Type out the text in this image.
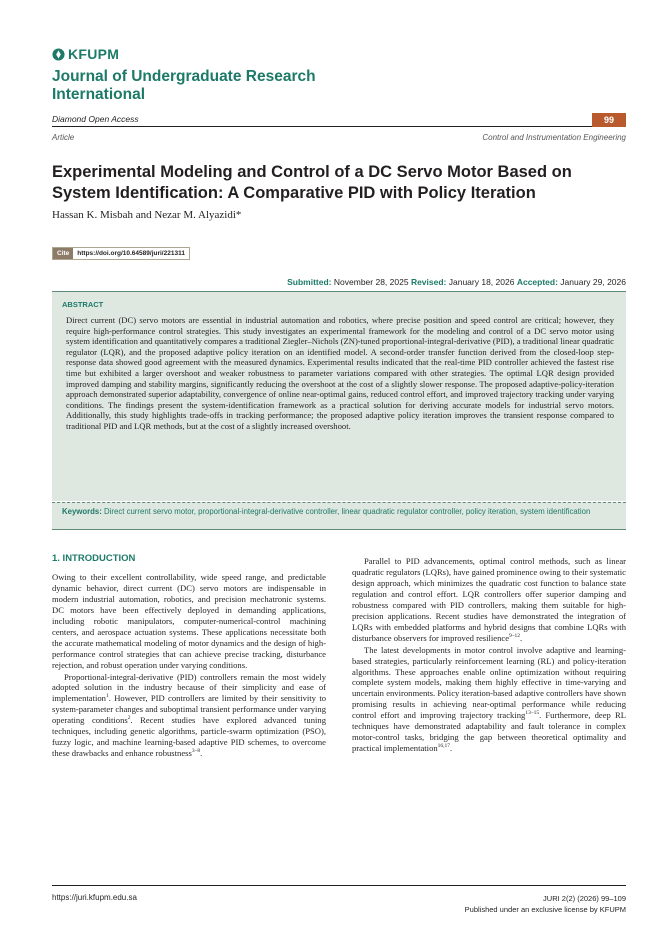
KFUPM
Journal of Undergraduate Research International
Diamond Open Access	99
Article	Control and Instrumentation Engineering
Experimental Modeling and Control of a DC Servo Motor Based on System Identification: A Comparative PID with Policy Iteration
Hassan K. Misbah and Nezar M. Alyazidi*
Cite	https://doi.org/10.64589/juri/221311
Submitted: November 28, 2025 Revised: January 18, 2026 Accepted: January 29, 2026
ABSTRACT

Direct current (DC) servo motors are essential in industrial automation and robotics, where precise position and speed control are critical; however, they require high-performance control strategies. This study investigates an experimental framework for the modeling and control of a DC servo motor using system identification and quantitatively compares a traditional Ziegler–Nichols (ZN)-tuned proportional-integral-derivative (PID), a traditional linear quadratic regulator (LQR), and the proposed adaptive policy iteration on an identified model. A second-order transfer function derived from the closed-loop step-response data showed good agreement with the measured dynamics. Experimental results indicated that the real-time PID controller achieved the fastest rise time but exhibited a larger overshoot and weaker robustness to parameter variations compared with other strategies. The optimal LQR design provided improved damping and stability margins, significantly reducing the overshoot at the cost of a slightly slower response. The proposed adaptive-policy-iteration approach demonstrated superior adaptability, convergence of online near-optimal gains, reduced control effort, and improved trajectory tracking under varying conditions. The findings present the system-identification framework as a practical solution for deriving accurate models for industrial servo motors. Additionally, this study highlights trade-offs in tracking performance; the proposed adaptive policy iteration improves the transient response compared to traditional PID and LQR methods, but at the cost of a slightly increased overshoot.

Keywords: Direct current servo motor, proportional-integral-derivative controller, linear quadratic regulator controller, policy iteration, system identification
1. INTRODUCTION

Owing to their excellent controllability, wide speed range, and predictable dynamic behavior, direct current (DC) servo motors are indispensable in modern industrial automation, robotics, and precision mechatronic systems. DC motors have been effectively deployed in demanding applications, including robotic manipulators, computer-numerical-control machining centers, and aerospace actuation systems. These applications necessitate both the accurate mathematical modeling of motor dynamics and the design of high-performance control strategies that can achieve precise tracking, disturbance rejection, and robust operation under varying conditions.

Proportional-integral-derivative (PID) controllers remain the most widely adopted solution in the industry because of their simplicity and ease of implementation$^1$. However, PID controllers are limited by their sensitivity to system-parameter changes and suboptimal transient performance under varying operating conditions$^2$. Recent studies have explored advanced tuning techniques, including genetic algorithms, particle-swarm optimization (PSO), fuzzy logic, and machine learning-based adaptive PID schemes, to overcome these drawbacks and enhance robustness$^{3-8}$.

Parallel to PID advancements, optimal control methods, such as linear quadratic regulators (LQRs), have gained prominence owing to their systematic design approach, which minimizes the quadratic cost function to balance state regulation and control effort. LQR controllers offer superior damping and robustness compared with PID controllers, making them suitable for high-precision applications. Recent studies have demonstrated the integration of LQRs with embedded platforms and hybrid designs that combine LQRs with disturbance observers for improved resilience$^{9-12}$.

The latest developments in motor control involve adaptive and learning-based strategies, particularly reinforcement learning (RL) and policy-iteration algorithms. These approaches enable online optimization without requiring complete system models, making them highly effective in time-varying and uncertain environments. Policy iteration-based adaptive controllers have shown promising results in achieving near-optimal performance while reducing control effort and improving trajectory tracking$^{13-15}$. Furthermore, deep RL techniques have demonstrated adaptability and fault tolerance in complex motor-control tasks, bridging the gap between theoretical optimality and practical implementation$^{16,17}$.

https://juri.kfupm.edu.sa	JURI 2(2) (2026) 99–109
Published under an exclusive license by KFUPM
